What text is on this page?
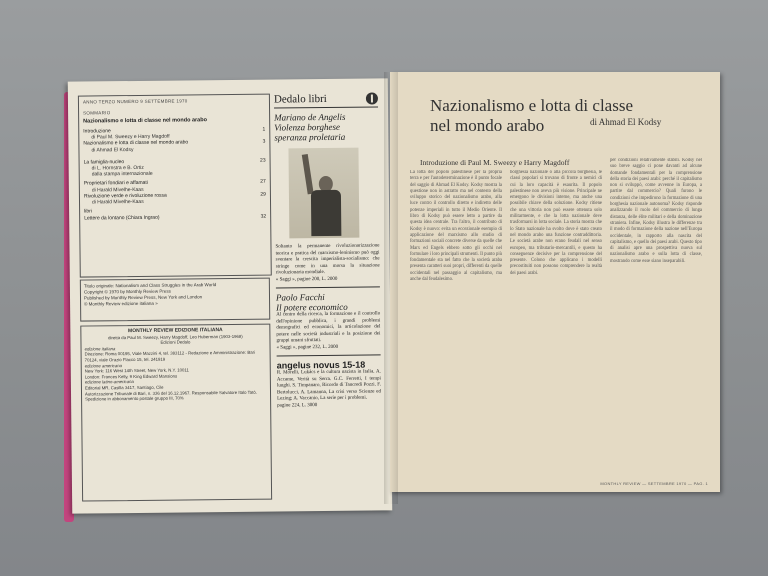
ANNO TERZO NUMERO 9 SETTEMBRE 1970
SOMMARIO
Nazionalismo e lotta di classe nel mondo arabo
Introduzione	1
di Paul M. Sweezy e Harry Magdoff
Nazionalismo e lotta di classe nel mondo arabo	3
di Ahmad El Kodsy
La famiglia-nucleo	23
di L. Hornstra e B. Ortiz
dalla stampa internazionale
Proprietari fondiari e affamati	27
di Harald Mivelhe-Kaas
Rivoluzione verde e rivoluzione rossa	29
di Harald Mivelhe-Kaas
libri
Lettere da lontano (Chiara Ingrao)	32
Titolo originale: Nationalism and Class Struggles in the Arab World
Copyright © 1970 by Monthly Review Press
Published by Monthly Review Press, New York and London
© Monthly Review edizione italiana »
MONTHLY REVIEW EDIZIONE ITALIANA
diretta da Paul M. Sweezy, Harry Magdoff, Leo Huberman (1903-1968)
Edizioni Dedalo
edizione italiana
Direzione: Roma 00195, Viale Mazzini 4, tel. 383112 - Redazione e Amministrazione: Bari 70124, viale Orazio Flacco 15, tel. 241919
edizione americana
New York: 116 West 14th Street, New York, N.Y. 10011
London: Frances Kelly, 9 King Edward Mansions
edizione latino-americana
Editorial MR, Casilla 3417, Santiago, Cile
Autorizzazione Tribunale di Bari, n. 336 del 16.12.1967. Responsabile Salvatore Italo Tatò. Spedizione in abbonamento postale gruppo III, 70%
Dedalo libri
Mariano de Angelis
Violenza borghese
speranza proletaria
Soltanto la permanente rivoluzionarizzazione teorica e pratica del marxismo-leninismo può oggi sventare la crescita imperialista-socialismo: che stringe come in una morsa la situazione rivoluzionaria mondiale.
« Saggi », pagine 200, L. 2000
Paolo Facchi
Il potere economico
Al centro della ricerca, la formazione e il controllo dell'opinione pubblica, i grandi problemi demografici ed economici, la articolazione del potere nelle società industriali e la posizione dei gruppi umani sfruttati.
« Saggi », pagine 232, L. 2000
angelus novus 15-18
R. Morelli, Lukács e la cultura nazista in Italia. A. Accame, Verità su Serra. G.C. Ferretti, I tempi lunghi. S. Timpanaro, Ricordo di Tancredi Pozzi. F. Bertolucci, A. Lamanna, La crisi verso Scienze ed Lezing; A. Vaccanio, La serie per i problemi.
pagine 224, L. 3000
Nazionalismo e lotta di classe
nel mondo arabo	di Ahmad El Kodsy
Introduzione di Paul M. Sweezy e Harry Magdoff
La lotta del popolo palestinese per la propria terra e per l'autodeterminazione è il punto focale del saggio di Ahmad El Kodsy. Kodsy mostra la questione non in astratto ma nel contesto della sviluppo storico del nazionalismo arabo, alla luce contro il controllo diretto e indiretto delle potenze imperiali in tutto il Medio Oriente. Il libro di Kodsy può essere letto a partire da questa idea centrale. Tra l'altro, il contributo di Kodsy è nuovo: evita un eccezionale esempio di applicazione del marxismo allo studio di formazioni sociali concrete diverse da quelle che Marx ed Engels ebbero sotto gli occhi nel formulare i loro principali strumenti. Il punto più fondamentale sta nel fatto che la società araba presenta caratteri suoi propri, differenti da quelle occidentali nel passaggio al capitalismo, ma anche dal feudalesimo.
borghesia nazionale o alla piccola borghesia, le classi popolari si trovano di fronte a nemici di cui la loro capacità è esaurita. Il popolo palestinese non aveva più visione. Principale ne emergono le divisioni interne, ma anche una possibile chiave della soluzione. Kodsy ritiene che una vittoria non può essere ottenuta solo militarmente, e che la lotta nazionale deve trasformarsi in lotta sociale. La storia mostra che lo Stato nazionale ha svolto dove è stato creato nel mondo arabo una funzione contraddittoria. Le società arabe non erano feudali nel senso europeo, ma tributario-mercantili, e questo ha conseguenze decisive per la comprensione del presente. Colono che applicano i modelli precostituiti non possono comprendere la realtà dei paesi arabi.
per condizioni relativamente stabili. Kodsy nel suo breve saggio ci pone davanti ad alcune domande fondamentali per la comprensione della storia dei paesi arabi: perché il capitalismo non si sviluppò, come avvenne in Europa, a partire dal commercio? Quali furono le condizioni che impedirono la formazione di una borghesia nazionale autonoma? Kodsy risponde analizzando il ruolo del commercio di lunga distanza, delle élite militari e della dominazione straniera. Infine, Kodsy illustra le differenze tra il modo di formazione della nazione nell'Europa occidentale, in rapporto alla nascita del capitalismo, e quello dei paesi arabi. Questo tipo di analisi apre una prospettiva nuova sul nazionalismo arabo e sulla lotta di classe, mostrando come esse siano inseparabili.
MONTHLY REVIEW — SETTEMBRE 1970 — PAG. 1
